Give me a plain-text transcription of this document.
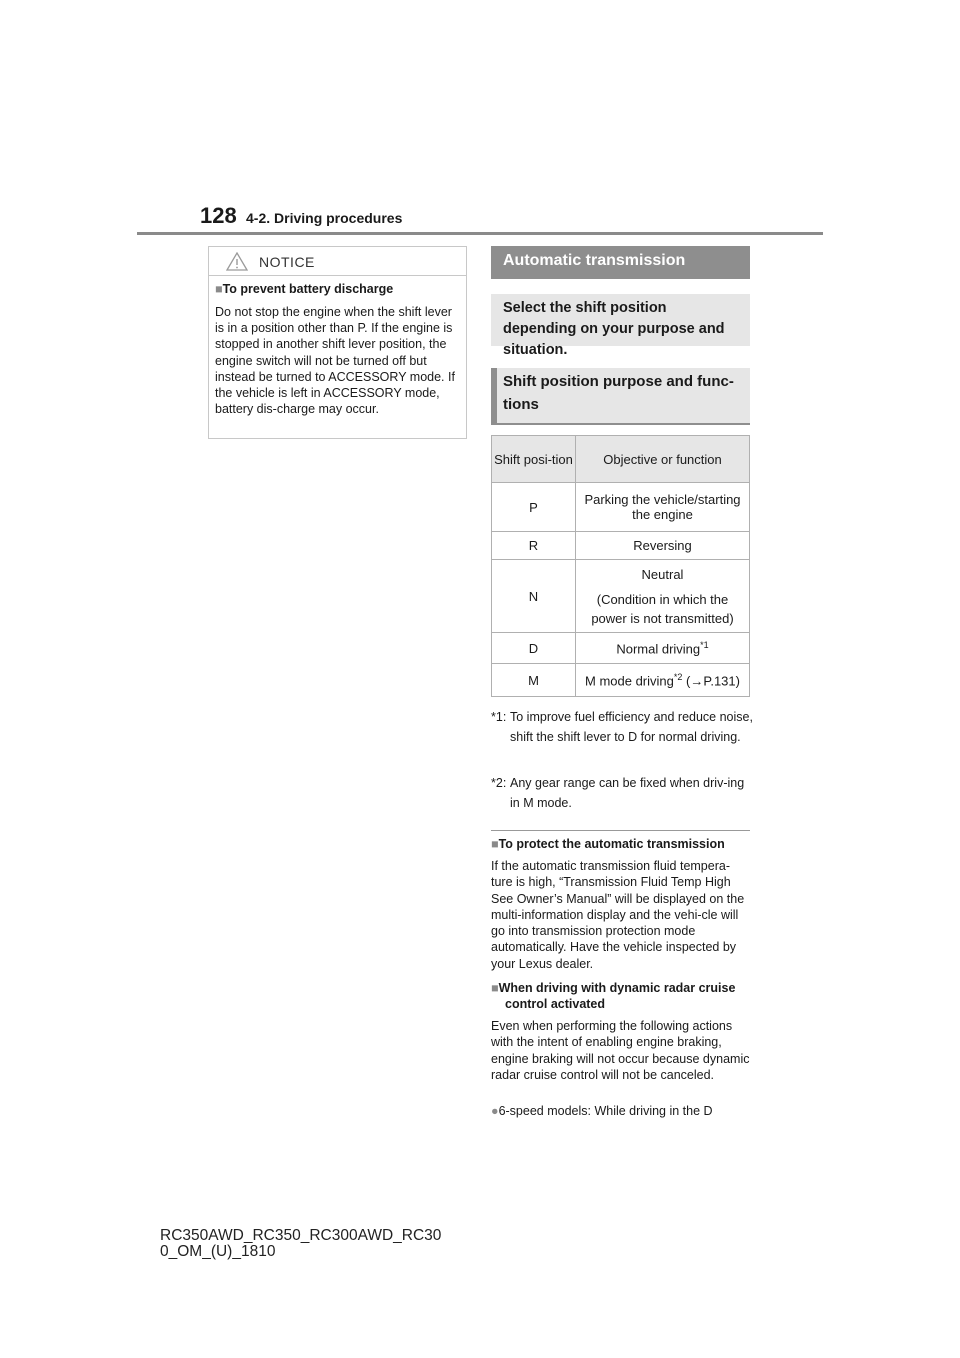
128 4-2. Driving procedures
NOTICE
■To prevent battery discharge
Do not stop the engine when the shift lever is in a position other than P. If the engine is stopped in another shift lever position, the engine switch will not be turned off but instead be turned to ACCESSORY mode. If the vehicle is left in ACCESSORY mode, battery dis-charge may occur.
Automatic transmission
Select the shift position depending on your purpose and situation.
Shift position purpose and func-tions
Shift posi-tion	Objective or function
P	Parking the vehicle/starting the engine
R	Reversing
N	Neutral
(Condition in which the power is not transmitted)

D	Normal driving$^{*1}$
M	M mode driving$^{*2}$ (→P.131)
*1: To improve fuel efficiency and reduce noise, shift the shift lever to D for normal driving.
*2: Any gear range can be fixed when driv-ing in M mode.
■To protect the automatic transmission
If the automatic transmission fluid tempera-ture is high, “Transmission Fluid Temp High See Owner’s Manual” will be displayed on the multi-information display and the vehi-cle will go into transmission protection mode automatically. Have the vehicle inspected by your Lexus dealer.
■When driving with dynamic radar cruise
control activated
Even when performing the following actions with the intent of enabling engine braking, engine braking will not occur because dynamic radar cruise control will not be canceled.
●6-speed models: While driving in the D
RC350AWD_RC350_RC300AWD_RC30
0_OM_(U)_1810
